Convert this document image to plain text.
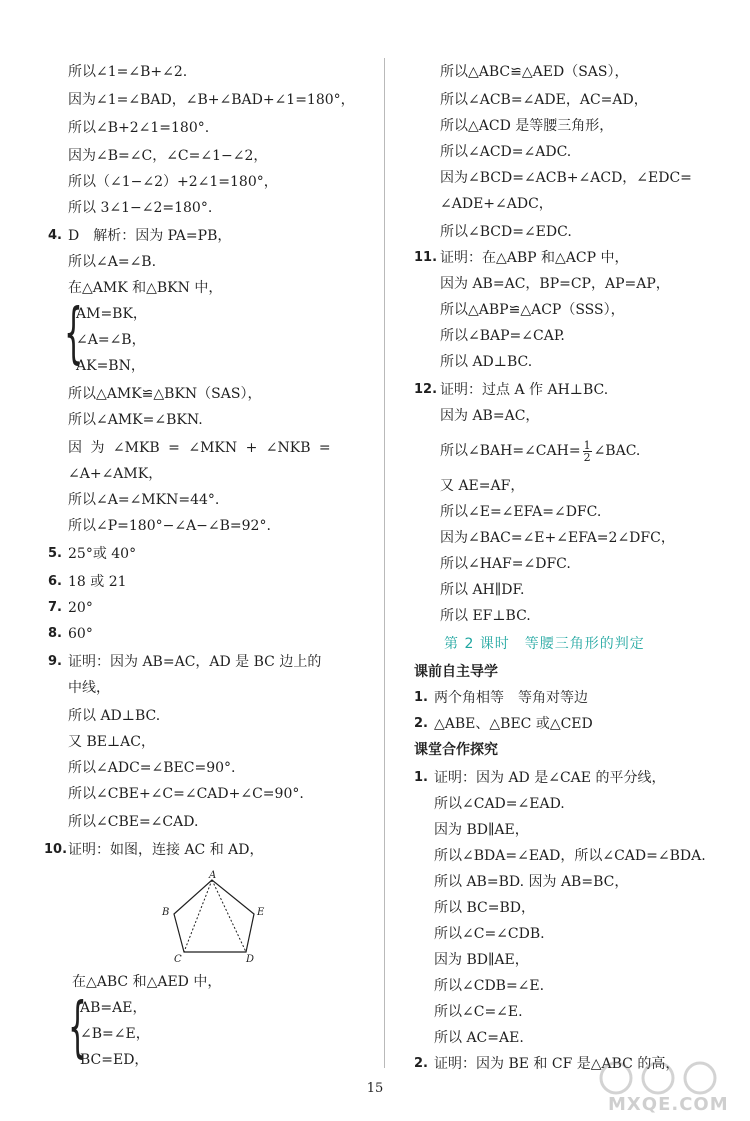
所以∠1=∠B+∠2.
因为∠1=∠BAD，∠B+∠BAD+∠1=180°，
所以∠B+2∠1=180°.
因为∠B=∠C，∠C=∠1−∠2，
所以（∠1−∠2）+2∠1=180°，
所以 3∠1−∠2=180°.
4. D　解析：因为 PA=PB，
所以∠A=∠B.
在△AMK 和△BKN 中，
{
AM=BK，
∠A=∠B，
AK=BN，
所以△AMK≌△BKN（SAS），
所以∠AMK=∠BKN.
因 为 ∠MKB = ∠MKN + ∠NKB =
∠A+∠AMK，
所以∠A=∠MKN=44°.
所以∠P=180°−∠A−∠B=92°.
5. 25°或 40°
6. 18 或 21
7. 20°
8. 60°
9. 证明：因为 AB=AC，AD 是 BC 边上的
中线，
所以 AD⊥BC.
又 BE⊥AC，
所以∠ADC=∠BEC=90°.
所以∠CBE+∠C=∠CAD+∠C=90°.
所以∠CBE=∠CAD.
10. 证明：如图，连接 AC 和 AD，
A
B	E
C	D
在△ABC 和△AED 中，
{
AB=AE，
∠B=∠E，
BC=ED，
所以△ABC≌△AED（SAS），
所以∠ACB=∠ADE，AC=AD，
所以△ACD 是等腰三角形，
所以∠ACD=∠ADC.
因为∠BCD=∠ACB+∠ACD，∠EDC=
∠ADE+∠ADC，
所以∠BCD=∠EDC.
11. 证明：在△ABP 和△ACP 中，
因为 AB=AC，BP=CP，AP=AP，
所以△ABP≌△ACP（SSS），
所以∠BAP=∠CAP.
所以 AD⊥BC.
12. 证明：过点 A 作 AH⊥BC.
因为 AB=AC，
所以∠BAH=∠CAH= $\frac{1}{2}$ ∠BAC.
又 AE=AF，
所以∠E=∠EFA=∠DFC.
因为∠BAC=∠E+∠EFA=2∠DFC，
所以∠HAF=∠DFC.
所以 AH∥DF.
所以 EF⊥BC.
第 2 课时　等腰三角形的判定
课前自主导学
1. 两个角相等　等角对等边
2. △ABE、△BEC 或△CED
课堂合作探究
1. 证明：因为 AD 是∠CAE 的平分线，
所以∠CAD=∠EAD.
因为 BD∥AE，
所以∠BDA=∠EAD，所以∠CAD=∠BDA.
所以 AB=BD. 因为 AB=BC，
所以 BC=BD，
所以∠C=∠CDB.
因为 BD∥AE，
所以∠CDB=∠E.
所以∠C=∠E.
所以 AC=AE.
2. 证明：因为 BE 和 CF 是△ABC 的高，
15
MXQE.COM
